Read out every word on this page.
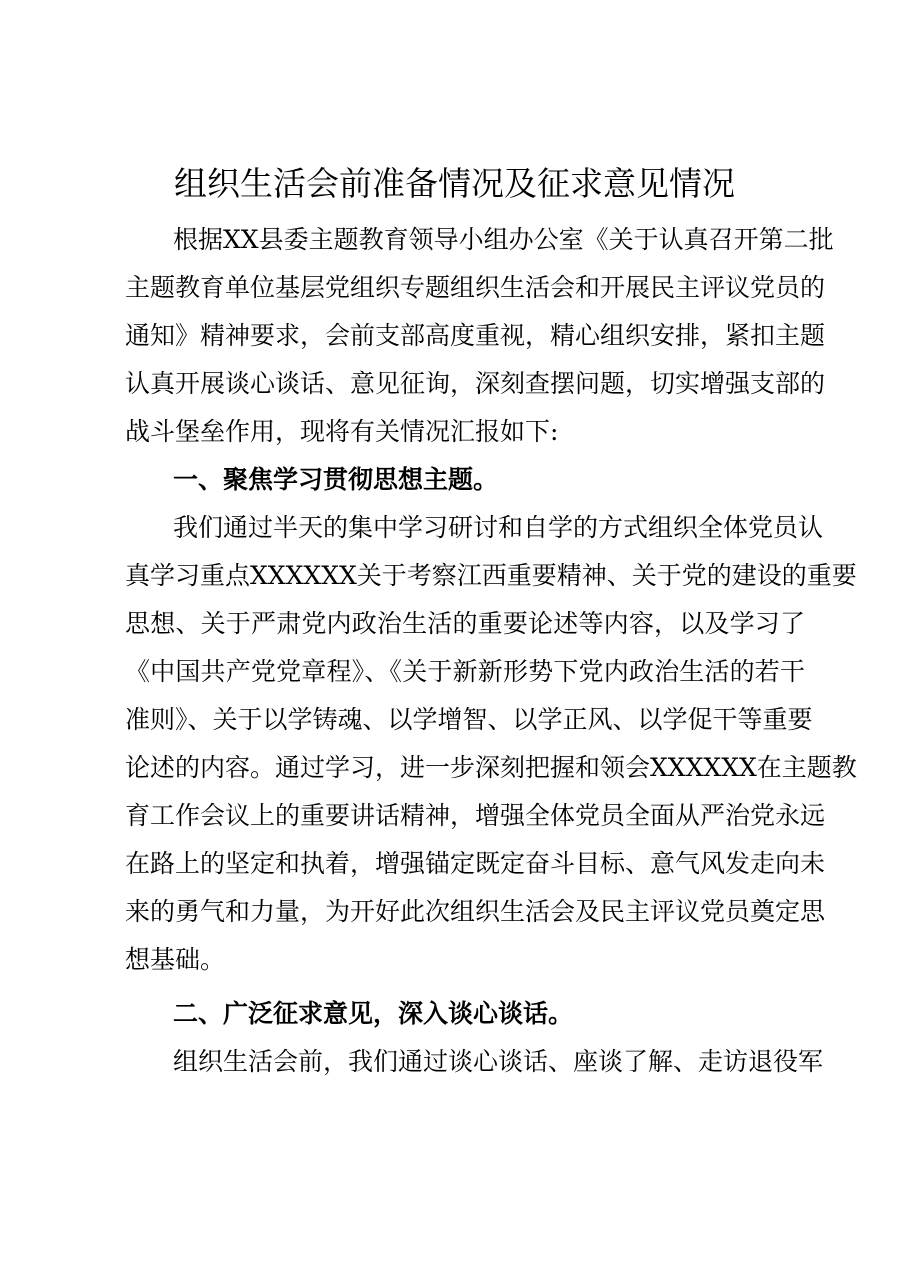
组织生活会前准备情况及征求意见情况
根据XX县委主题教育领导小组办公室《关于认真召开第二批
主题教育单位基层党组织专题组织生活会和开展民主评议党员的
通知》精神要求，会前支部高度重视，精心组织安排，紧扣主题
认真开展谈心谈话、意见征询，深刻查摆问题，切实增强支部的
战斗堡垒作用，现将有关情况汇报如下:
一、聚焦学习贯彻思想主题。
我们通过半天的集中学习研讨和自学的方式组织全体党员认
真学习重点XXXXXX关于考察江西重要精神、关于党的建设的重要
思想、关于严肃党内政治生活的重要论述等内容，以及学习了
《中国共产党党章程》、《关于新新形势下党内政治生活的若干
准则》、关于以学铸魂、以学增智、以学正风、以学促干等重要
论述的内容。通过学习，进一步深刻把握和领会XXXXXX在主题教
育工作会议上的重要讲话精神，增强全体党员全面从严治党永远
在路上的坚定和执着，增强锚定既定奋斗目标、意气风发走向未
来的勇气和力量，为开好此次组织生活会及民主评议党员奠定思
想基础。
二、广泛征求意见，深入谈心谈话。
组织生活会前，我们通过谈心谈话、座谈了解、走访退役军
